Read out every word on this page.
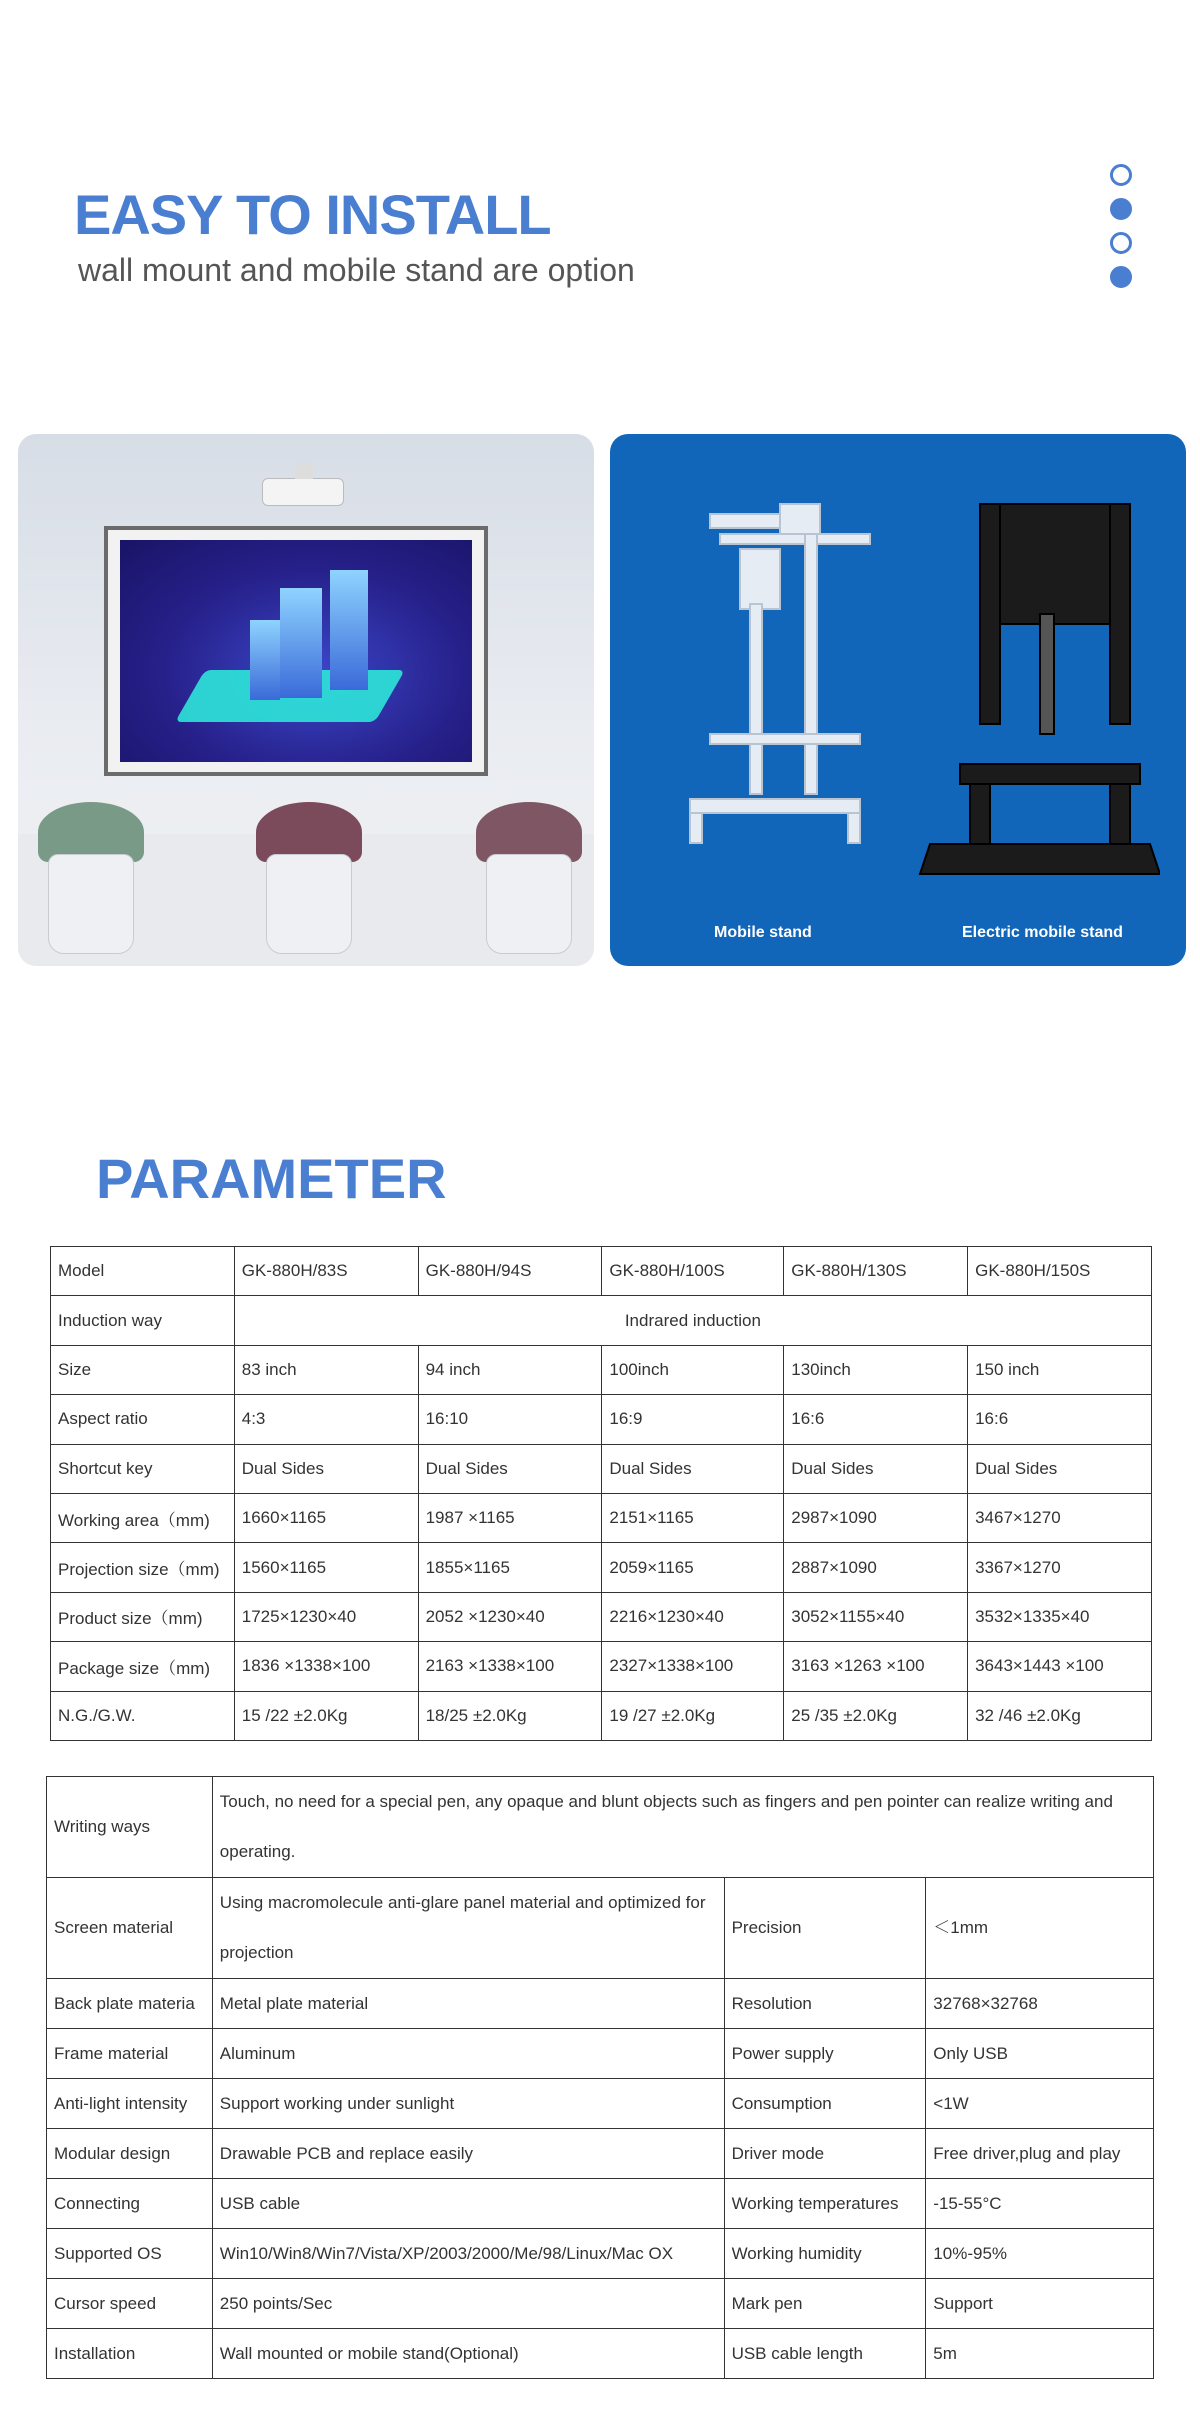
EASY TO INSTALL
wall mount and mobile stand are option
Mobile stand	Electric mobile stand
PARAMETER
Model	GK-880H/83S	GK-880H/94S	GK-880H/100S	GK-880H/130S	GK-880H/150S
Induction way	Indrared induction				
Size	83 inch	94 inch	100inch	130inch	150 inch
Aspect ratio	4:3	16:10	16:9	16:6	16:6
Shortcut key	Dual Sides	Dual Sides	Dual Sides	Dual Sides	Dual Sides
Working area（mm)	1660×1165	1987 ×1165	2151×1165	2987×1090	3467×1270
Projection size（mm)	1560×1165	1855×1165	2059×1165	2887×1090	3367×1270
Product size（mm)	1725×1230×40	2052 ×1230×40	2216×1230×40	3052×1155×40	3532×1335×40
Package size（mm)	1836 ×1338×100	2163 ×1338×100	2327×1338×100	3163 ×1263 ×100	3643×1443 ×100
N.G./G.W.	15 /22 ±2.0Kg	18/25 ±2.0Kg	19 /27 ±2.0Kg	25 /35 ±2.0Kg	32 /46 ±2.0Kg
Writing ways	Touch, no need for a special pen, any opaque and blunt objects such as fingers and pen pointer can realize writing and operating.		
Screen material	Using macromolecule anti-glare panel material and optimized for projection	Precision	＜1mm
Back plate materia	Metal plate material	Resolution	32768×32768
Frame material	Aluminum	Power supply	Only USB
Anti-light intensity	Support working under sunlight	Consumption	<1W
Modular design	Drawable PCB and replace easily	Driver mode	Free driver,plug and play
Connecting	USB cable	Working temperatures	-15-55°C
Supported OS	Win10/Win8/Win7/Vista/XP/2003/2000/Me/98/Linux/Mac OX	Working humidity	10%-95%
Cursor speed	250 points/Sec	Mark pen	Support
Installation	Wall mounted or mobile stand(Optional)	USB cable length	5m
